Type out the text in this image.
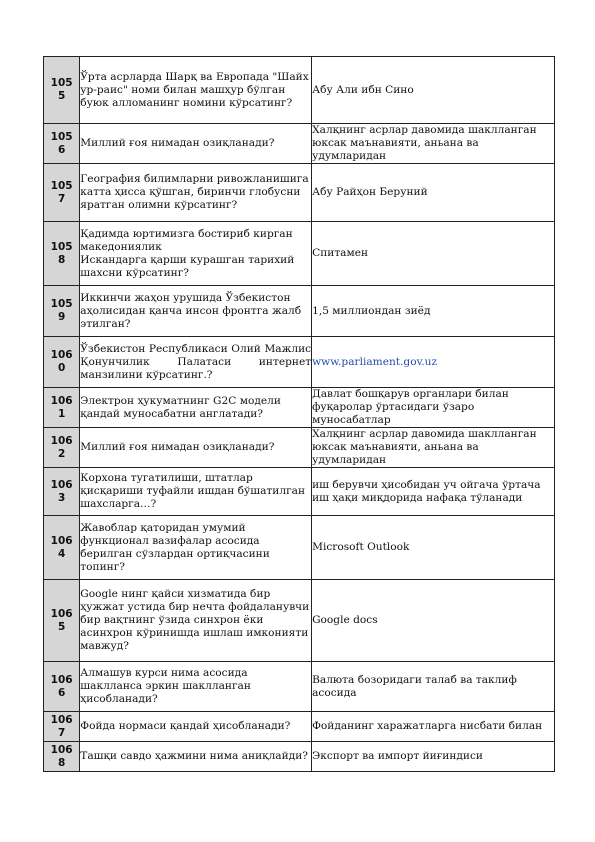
1055	Ўрта асрларда Шарқ ва Европада "Шайх ур-раис" номи билан машҳур бўлган буюк алломанинг номини кўрсатинг?	Абу Али ибн Сино

1056	Миллий ғоя нимадан озиқланади?	Халқнинг асрлар давомида шаклланган юксак маънавияти, аньана ва удумларидан

1057	География билимларни ривожланишига катта ҳисса қўшган, биринчи глобусни яратган олимни кўрсатинг?	Абу Райҳон Беруний

1058	Қадимда юртимизга бостириб кирган македониялик
Искандарга қарши курашган тарихий шахсни кўрсатинг?	Спитамен

1059	Иккинчи жаҳон урушида Ўзбекистон аҳолисидан қанча инсон фронтга жалб этилган?	1,5 миллиондан зиёд

1060	Ўзбекистон Республикаси Олий Мажлис Қонунчилик Палатаси интернет манзилини кўрсатинг.?	www.parliament.gov.uz

1061	Электрон ҳукуматнинг G2C модели қандай муносабатни англатади?	Давлат бошқарув органлари билан фуқаролар ўртасидаги ўзаро муносабатлар

1062	Миллий ғоя нимадан озиқланади?	Халқнинг асрлар давомида шаклланган юксак маънавияти, аньана ва удумларидан

1063	Корхона тугатилиши, штатлар қисқариши туфайли ишдан бўшатилган шахсларга…?	иш берувчи ҳисобидан уч ойгача ўртача иш ҳақи миқдорида нафақа тўланади

1064	Жавоблар қаторидан умумий функционал вазифалар асосида берилган сўзлардан ортиқчасини топинг?	Microsoft Outlook

1065	Google нинг қайси хизматида бир ҳужжат устида бир нечта фойдаланувчи бир вақтнинг ўзида синхрон ёки асинхрон кўринишда ишлаш имконияти мавжуд?	Google docs

1066	Алмашув курси нима асосида шаклланса эркин шаклланган ҳисобланади?	Валюта бозоридаги талаб ва таклиф асосида

1067	Фойда нормаси қандай ҳисобланади?	Фойданинг харажатларга нисбати билан

1068	Ташқи савдо ҳажмини нима аниқлайди?	Экспорт ва импорт йиғиндиси
